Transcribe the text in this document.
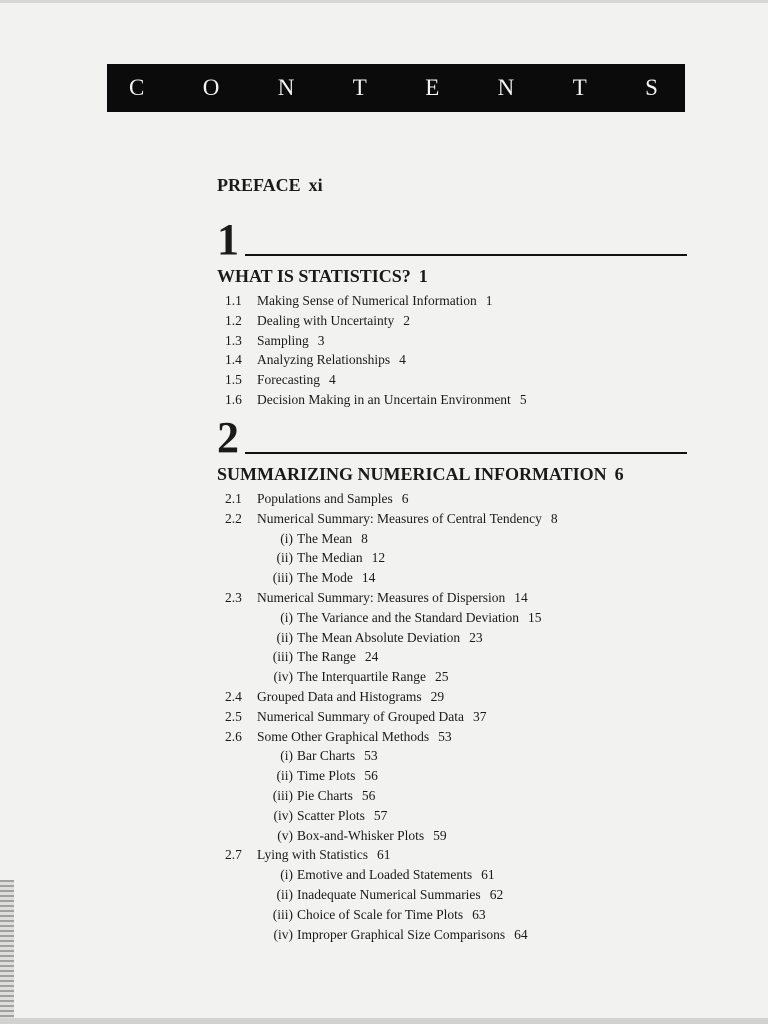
C O N T E N T S
PREFACE xi
1
WHAT IS STATISTICS? 1
1.1 Making Sense of Numerical Information 1
1.2 Dealing with Uncertainty 2
1.3 Sampling 3
1.4 Analyzing Relationships 4
1.5 Forecasting 4
1.6 Decision Making in an Uncertain Environment 5
2
SUMMARIZING NUMERICAL INFORMATION 6
2.1 Populations and Samples 6
2.2 Numerical Summary: Measures of Central Tendency 8
(i) The Mean 8
(ii) The Median 12
(iii) The Mode 14
2.3 Numerical Summary: Measures of Dispersion 14
(i) The Variance and the Standard Deviation 15
(ii) The Mean Absolute Deviation 23
(iii) The Range 24
(iv) The Interquartile Range 25
2.4 Grouped Data and Histograms 29
2.5 Numerical Summary of Grouped Data 37
2.6 Some Other Graphical Methods 53
(i) Bar Charts 53
(ii) Time Plots 56
(iii) Pie Charts 56
(iv) Scatter Plots 57
(v) Box-and-Whisker Plots 59
2.7 Lying with Statistics 61
(i) Emotive and Loaded Statements 61
(ii) Inadequate Numerical Summaries 62
(iii) Choice of Scale for Time Plots 63
(iv) Improper Graphical Size Comparisons 64
